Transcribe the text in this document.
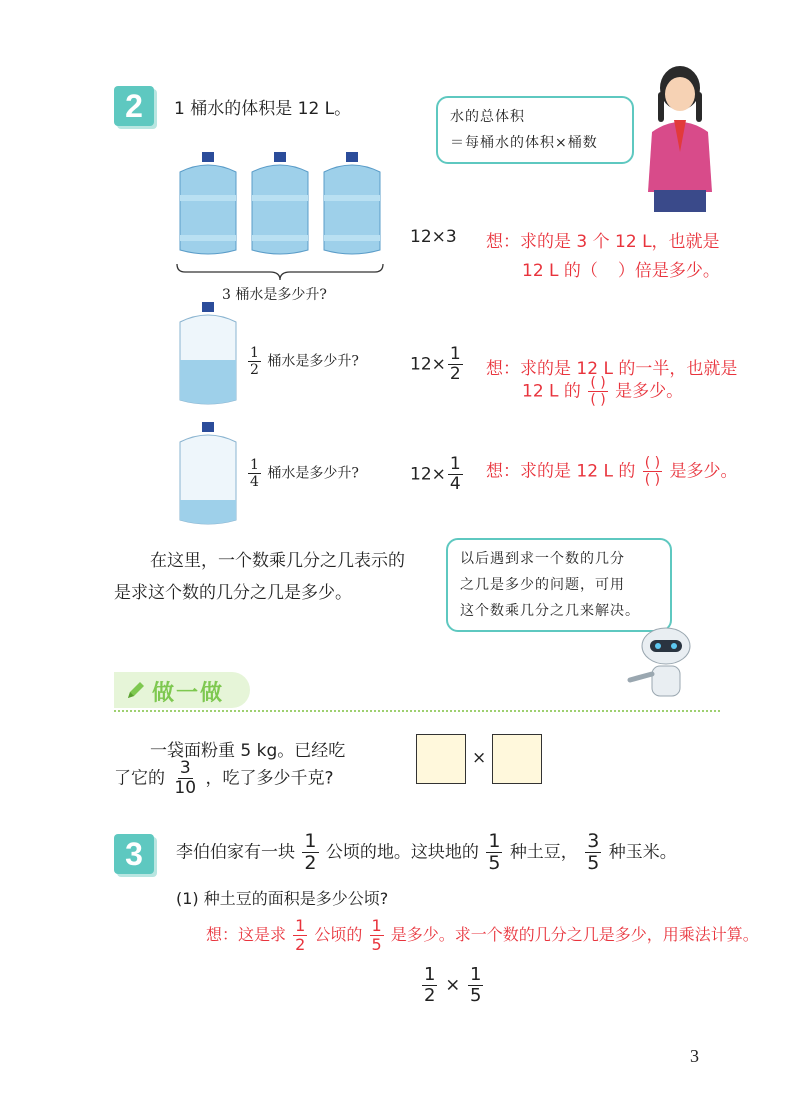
2	1 桶水的体积是 12 L。	水的总体积
＝每桶水的体积×桶数
3 桶水是多少升?
12×3 想：求的是 3 个 12 L，也就是
12 L 的（ ）倍是多少。
$\frac{1}{2}$ 桶水是多少升?	$12\times \frac{1}{2}$ 想：求的是 12 L 的一半，也就是
12 L 的 $\frac{( )}{( )}$ 是多少。
$\frac{1}{4}$ 桶水是多少升?	$12\times \frac{1}{4}$ 想：求的是 12 L 的 $\frac{( )}{( )}$ 是多少。
在这里，一个数乘几分之几表示的
是求这个数的几分之几是多少。
以后遇到求一个数的几分
之几是多少的问题，可用
这个数乘几分之几来解决。
做一做
一袋面粉重 5 kg。已经吃
了它的 $\frac{3}{10}$ ，吃了多少千克?
×
3	李伯伯家有一块 $\frac{1}{2}$ 公顷的地。这块地的 $\frac{1}{5}$ 种土豆， $\frac{3}{5}$ 种玉米。
(1) 种土豆的面积是多少公顷?
想：这是求 $\frac{1}{2}$ 公顷的 $\frac{1}{5}$ 是多少。求一个数的几分之几是多少，用乘法计算。
$\frac{1}{2} \times \frac{1}{5}$
3
